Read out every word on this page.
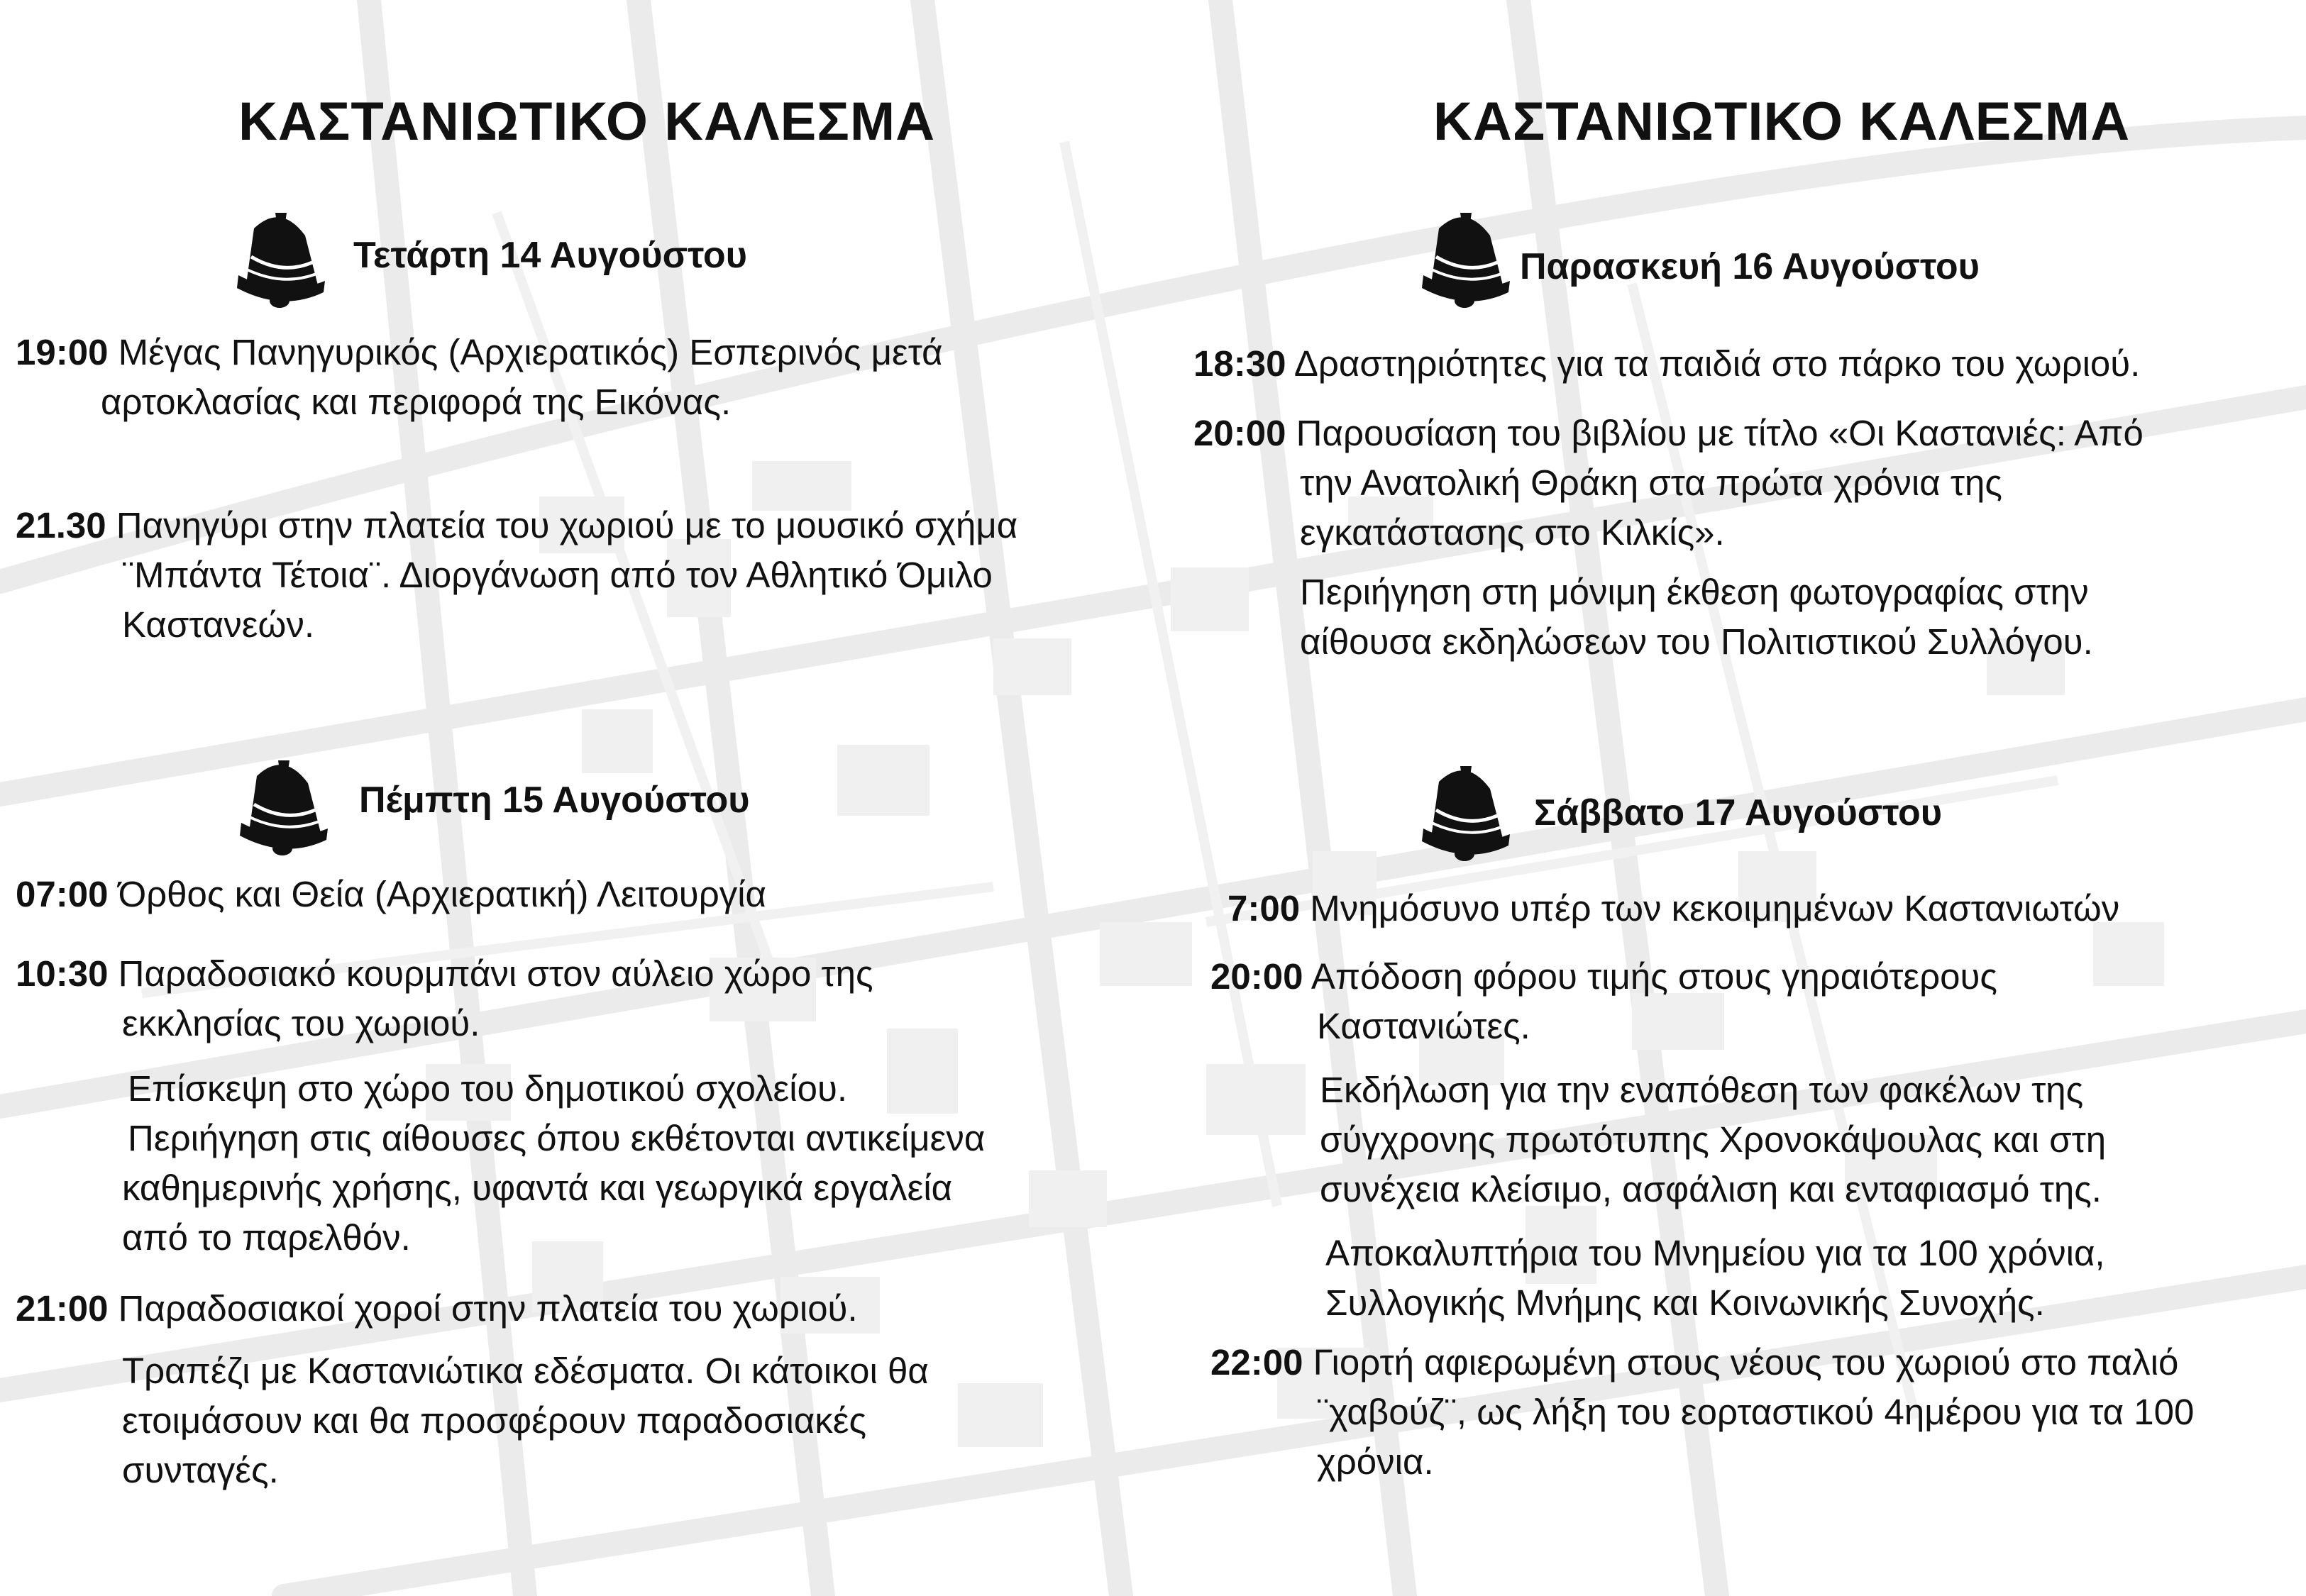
ΚΑΣΤΑΝΙΩΤΙΚΟ ΚΑΛΕΣΜΑ
Τετάρτη 14 Αυγούστου
19:00 Μέγας Πανηγυρικός (Αρχιερατικός) Εσπερινός μετά
αρτοκλασίας και περιφορά της Εικόνας.
21.30 Πανηγύρι στην πλατεία του χωριού με το μουσικό σχήμα
¨Μπάντα Τέτοια¨. Διοργάνωση από τον Αθλητικό Όμιλο
Καστανεών.
Πέμπτη 15 Αυγούστου
07:00 Όρθος και Θεία (Αρχιερατική) Λειτουργία
10:30 Παραδοσιακό κουρμπάνι στον αύλειο χώρο της
εκκλησίας του χωριού.
Επίσκεψη στο χώρο του δημοτικού σχολείου.
Περιήγηση στις αίθουσες όπου εκθέτονται αντικείμενα
καθημερινής χρήσης, υφαντά και γεωργικά εργαλεία
από το παρελθόν.
21:00 Παραδοσιακοί χοροί στην πλατεία του χωριού.
Τραπέζι με Καστανιώτικα εδέσματα. Οι κάτοικοι θα
ετοιμάσουν και θα προσφέρουν παραδοσιακές
συνταγές.
ΚΑΣΤΑΝΙΩΤΙΚΟ ΚΑΛΕΣΜΑ
Παρασκευή 16 Αυγούστου
18:30 Δραστηριότητες για τα παιδιά στο πάρκο του χωριού.
20:00 Παρουσίαση του βιβλίου με τίτλο «Οι Καστανιές: Από
την Ανατολική Θράκη στα πρώτα χρόνια της
εγκατάστασης στο Κιλκίς».
Περιήγηση στη μόνιμη έκθεση φωτογραφίας στην
αίθουσα εκδηλώσεων του Πολιτιστικού Συλλόγου.
Σάββατο 17 Αυγούστου
7:00 Μνημόσυνο υπέρ των κεκοιμημένων Καστανιωτών
20:00 Απόδοση φόρου τιμής στους γηραιότερους
Καστανιώτες.
Εκδήλωση για την εναπόθεση των φακέλων της
σύγχρονης πρωτότυπης Χρονοκάψουλας και στη
συνέχεια κλείσιμο, ασφάλιση και ενταφιασμό της.
Αποκαλυπτήρια του Μνημείου για τα 100 χρόνια,
Συλλογικής Μνήμης και Κοινωνικής Συνοχής.
22:00 Γιορτή αφιερωμένη στους νέους του χωριού στο παλιό
¨χαβούζ¨, ως λήξη του εορταστικού 4ημέρου για τα 100
χρόνια.
